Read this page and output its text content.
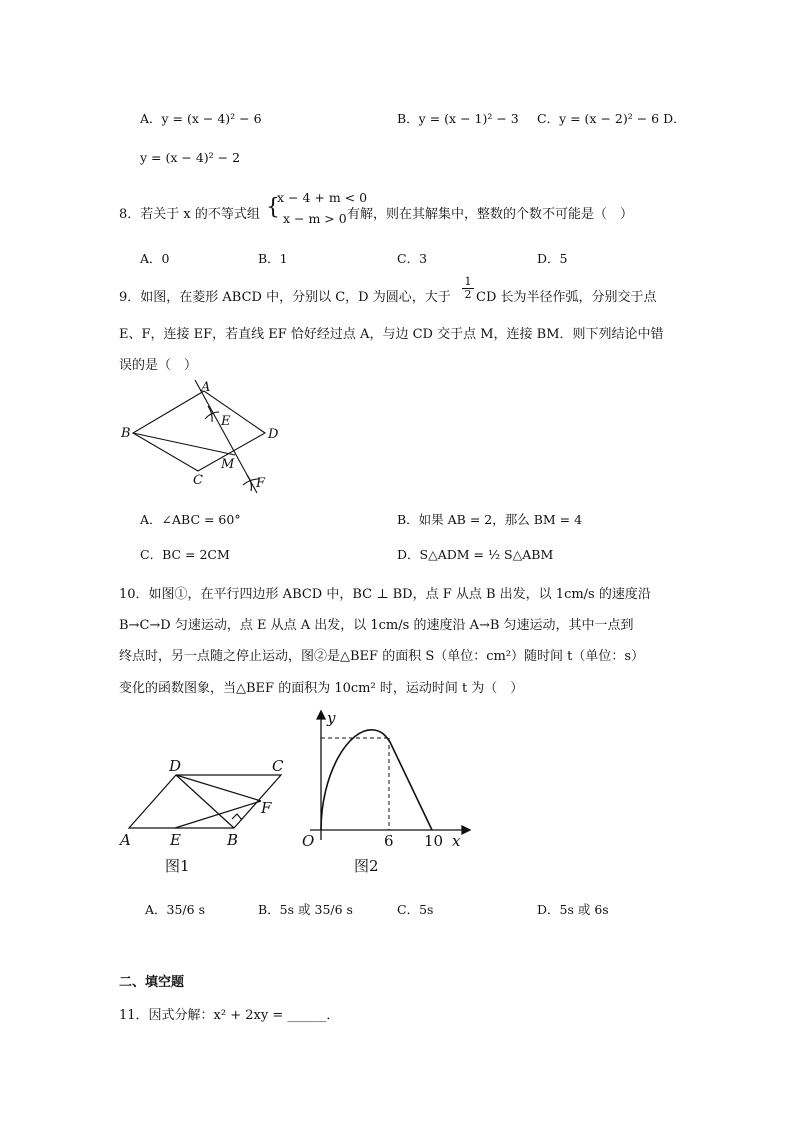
A．y = (x − 4)² − 6	B．y = (x − 1)² − 3 C．y = (x − 2)² − 6 D．
y = (x − 4)² − 2
8．若关于 x 的不等式组 {
x − 4 + m < 0
x − m > 0 有解，则在其解集中，整数的个数不可能是（　）
A．0	B．1	C．3	D．5
9．如图，在菱形 ABCD 中，分别以 C，D 为圆心，大于 $\frac{1}{2}$ CD 长为半径作弧，分别交于点
E、F，连接 EF，若直线 EF 恰好经过点 A，与边 CD 交于点 M，连接 BM．则下列结论中错
误的是（　）
A
B
C
D
E
M
F
A．∠ABC = 60°	B．如果 AB = 2，那么 BM = 4
C．BC = 2CM	D．S△ADM = ½ S△ABM
10．如图①，在平行四边形 ABCD 中，BC ⊥ BD，点 F 从点 B 出发，以 1cm/s 的速度沿
B→C→D 匀速运动，点 E 从点 A 出发，以 1cm/s 的速度沿 A→B 匀速运动，其中一点到
终点时，另一点随之停止运动，图②是△BEF 的面积 S（单位：cm²）随时间 t（单位：s）
变化的函数图象，当△BEF 的面积为 10cm² 时，运动时间 t 为（　）
D	C
A	E	B
F
图1
y
O	6 10 x
图2
A．35/6 s	B．5s 或 35/6 s	C．5s	D．5s 或 6s
二、填空题
11．因式分解：x² + 2xy = ______．
